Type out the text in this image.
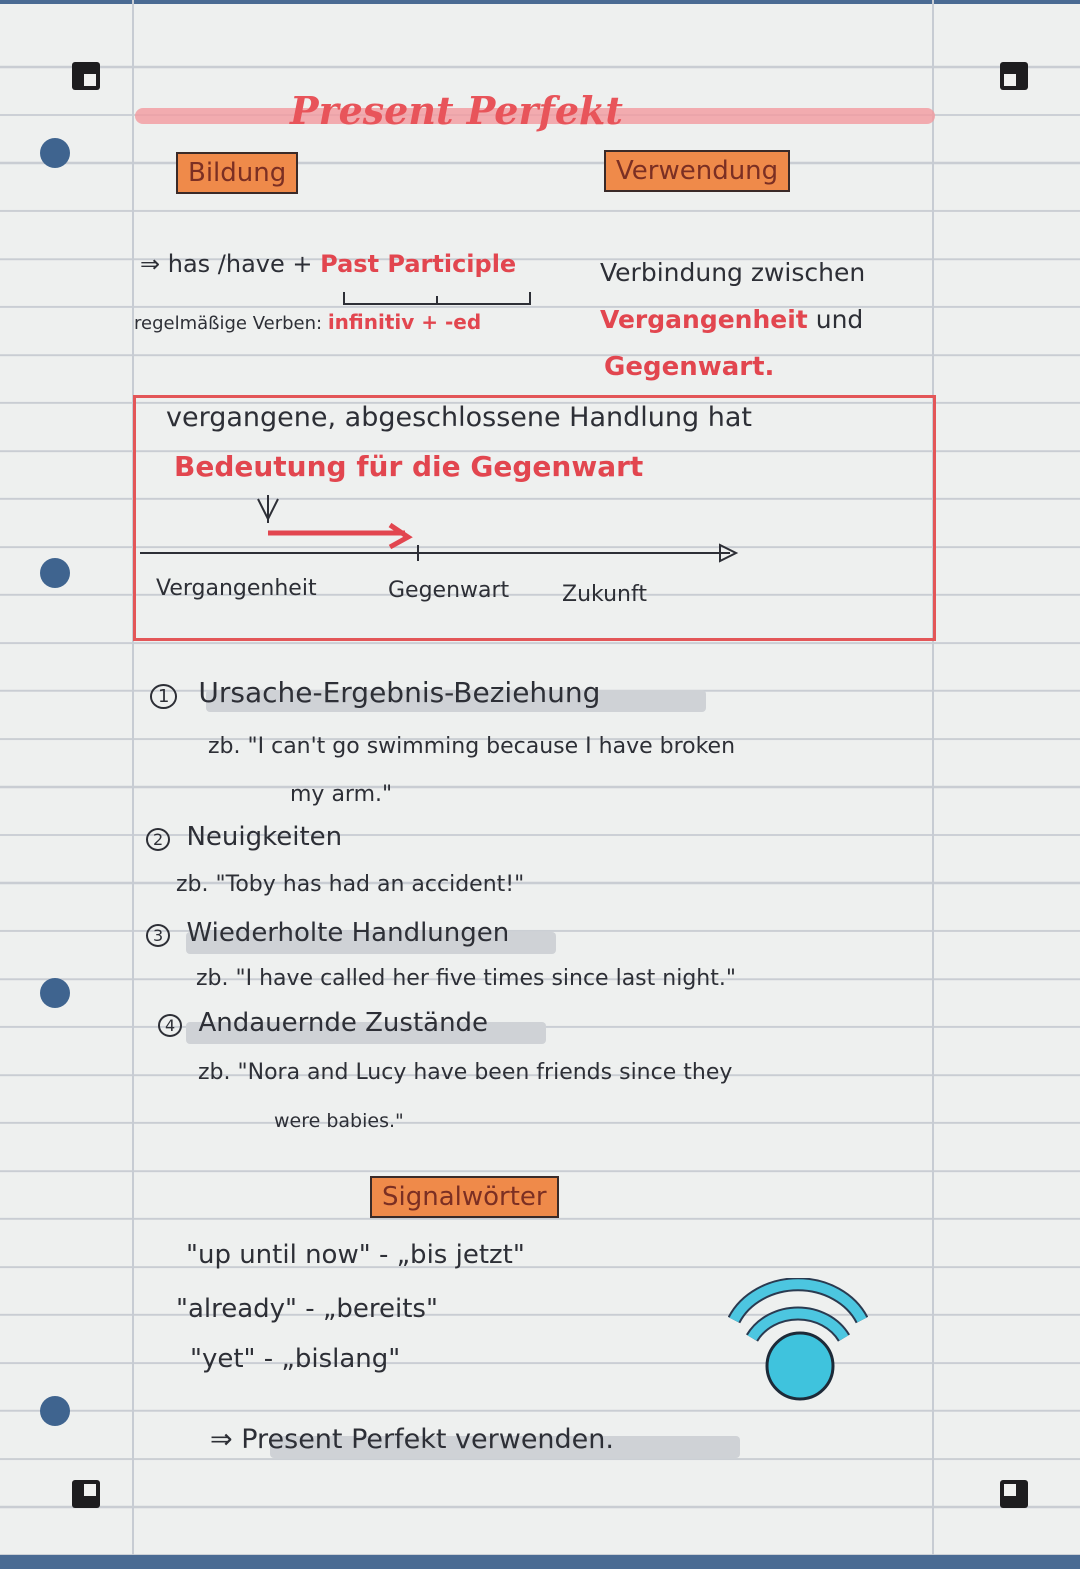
Present Perfekt
Bildung	Verwendung
⇒ has /have + Past Participle
regelmäßige Verben: infinitiv + -ed
Verbindung zwischen
Vergangenheit und
Gegenwart.
vergangene, abgeschlossene Handlung hat
Bedeutung für die Gegenwart
Vergangenheit	Gegenwart Zukunft
1 Ursache-Ergebnis-Beziehung
zb. "I can't go swimming because I have broken
my arm."
2 Neuigkeiten
zb. "Toby has had an accident!"
3 Wiederholte Handlungen
zb. "I have called her five times since last night."
4 Andauernde Zustände
zb. "Nora and Lucy have been friends since they
were babies."
Signalwörter
"up until now" - „bis jetzt"
"already" - „bereits"
"yet" - „bislang"
⇒ Present Perfekt verwenden.
